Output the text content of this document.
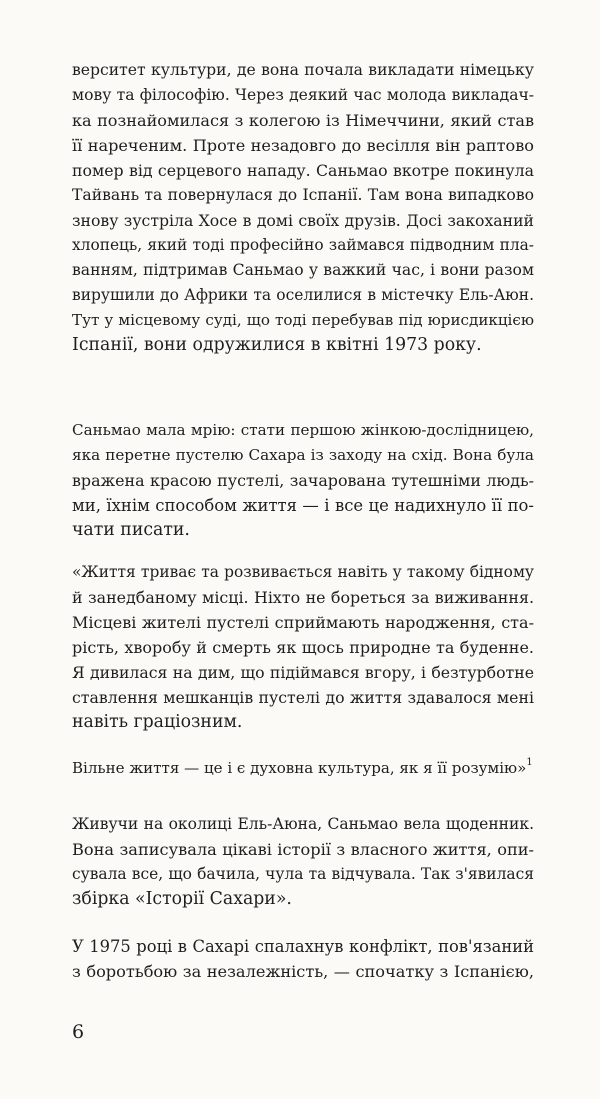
верситет культури, де вона почала викладати німецьку
мову та філософію. Через деякий час молода викладач-
ка познайомилася з колегою із Німеччини, який став
її нареченим. Проте незадовго до весілля він раптово
помер від серцевого нападу. Саньмао вкотре покинула
Тайвань та повернулася до Іспанії. Там вона випадково
знову зустріла Хосе в домі своїх друзів. Досі закоханий
хлопець, який тоді професійно займався підводним пла-
ванням, підтримав Саньмао у важкий час, і вони разом
вирушили до Африки та оселилися в містечку Ель-Аюн.
Тут у місцевому суді, що тоді перебував під юрисдикцією
Іспанії, вони одружилися в квітні 1973 року.
Саньмао мала мрію: стати першою жінкою-дослідницею,
яка перетне пустелю Сахара із заходу на схід. Вона була
вражена красою пустелі, зачарована тутешніми людь-
ми, їхнім способом життя — і все це надихнуло її по-
чати писати.
«Життя триває та розвивається навіть у такому бідному
й занедбаному місці. Ніхто не бореться за виживання.
Місцеві жителі пустелі сприймають народження, ста-
рість, хворобу й смерть як щось природне та буденне.
Я дивилася на дим, що підіймався вгору, і безтурботне
ставлення мешканців пустелі до життя здавалося мені
навіть граціозним.
Вільне життя — це і є духовна культура, як я її розумію»$^1$
Живучи на околиці Ель-Аюна, Саньмао вела щоденник.
Вона записувала цікаві історії з власного життя, опи-
сувала все, що бачила, чула та відчувала. Так з'явилася
збірка «Історії Сахари».
У 1975 році в Сахарі спалахнув конфлікт, пов'язаний
з боротьбою за незалежність, — спочатку з Іспанією,
6
